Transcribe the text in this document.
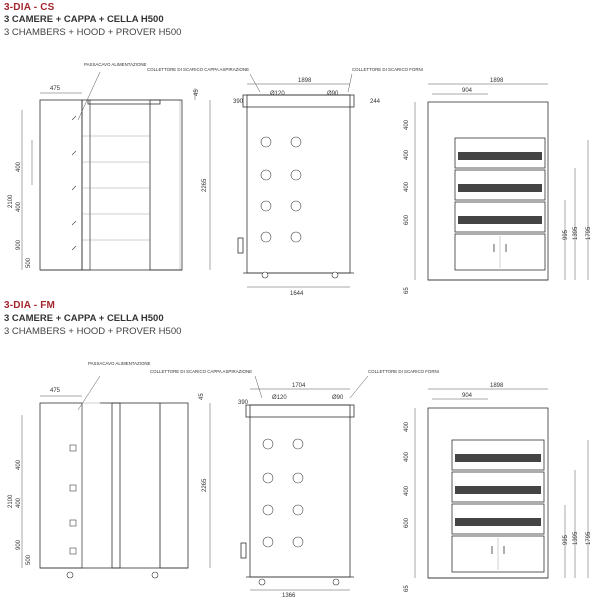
3-DIA - CS
3 CAMERE + CAPPA + CELLA H500
3 CHAMBERS + HOOD + PROVER H500
3-DIA - FM
3 CAMERE + CAPPA + CELLA H500
3 CHAMBERS + HOOD + PROVER H500
475
45
2100
2265
400
400
900
500
PASSACAVO ALIMENTAZIONE
1898
Ø120	Ø90
390	244
1644
COLLETTORE DI SCARICO CAPPA ASPIRAZIONE	COLLETTORE DI SCARICO FORNI
1898
904
400
400
400
600
65
995 1395 1795
475
45
2100
2265
400
400
900
500
PASSACAVO ALIMENTAZIONE
1704
Ø120	Ø90
390
1366
COLLETTORE DI SCARICO CAPPA ASPIRAZIONE	COLLETTORE DI SCARICO FORNI
1898
904
400
400
400
600
65
995 1395 1795
